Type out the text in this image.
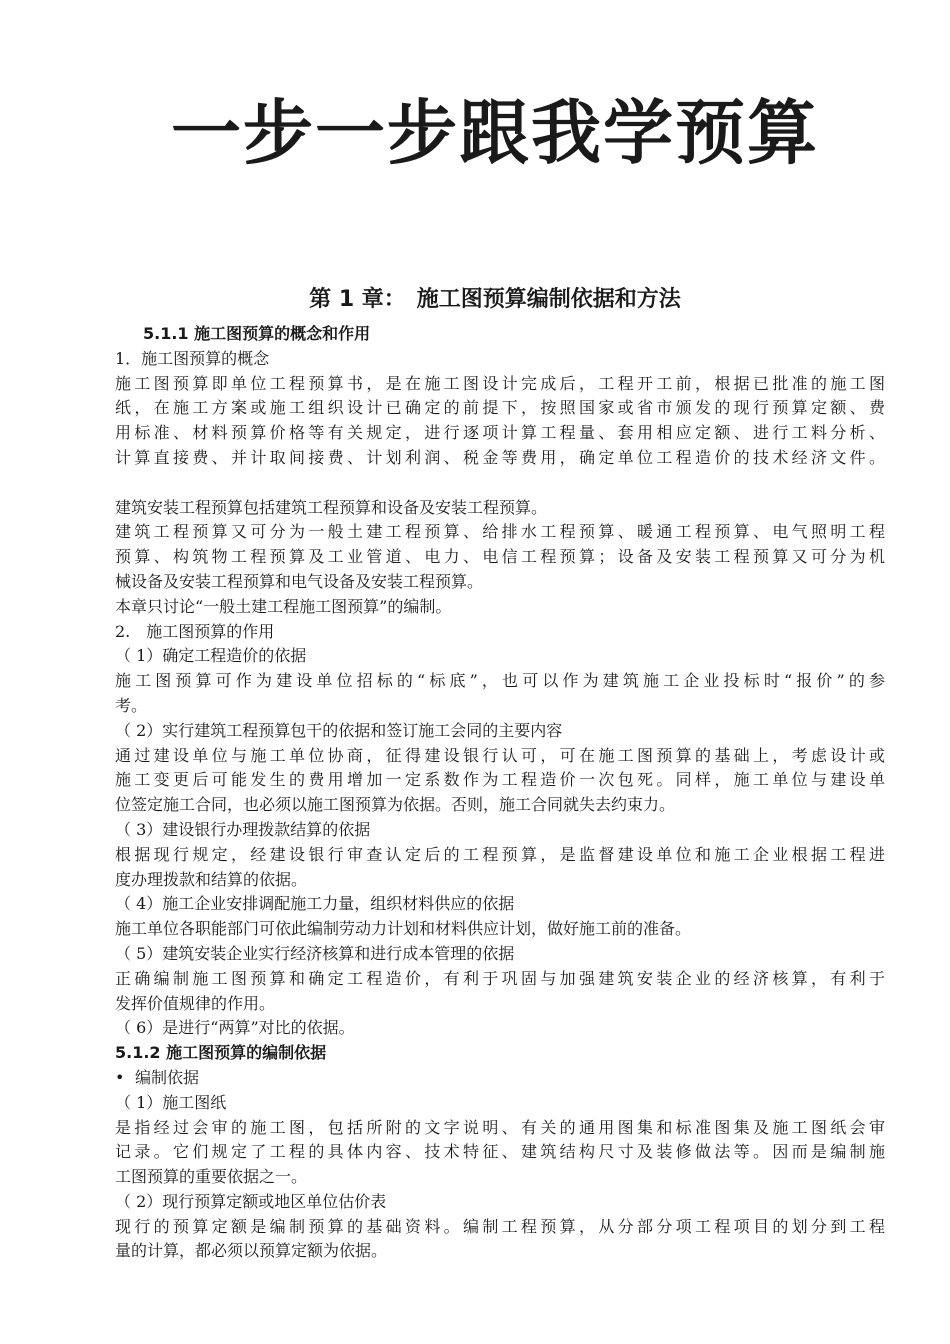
一步一步跟我学预算
第 1 章：　施工图预算编制依据和方法
5.1.1 施工图预算的概念和作用
1．施工图预算的概念
施工图预算即单位工程预算书，是在施工图设计完成后，工程开工前，根据已批准的施工图
纸，在施工方案或施工组织设计已确定的前提下，按照国家或省市颁发的现行预算定额、费
用标准、材料预算价格等有关规定，进行逐项计算工程量、套用相应定额、进行工料分析、
计算直接费、并计取间接费、计划利润、税金等费用，确定单位工程造价的技术经济文件。
建筑安装工程预算包括建筑工程预算和设备及安装工程预算。
建筑工程预算又可分为一般土建工程预算、给排水工程预算、暖通工程预算、电气照明工程
预算、构筑物工程预算及工业管道、电力、电信工程预算；设备及安装工程预算又可分为机
械设备及安装工程预算和电气设备及安装工程预算。
本章只讨论“一般土建工程施工图预算”的编制。
2.　施工图预算的作用
（ 1）确定工程造价的依据
施工图预算可作为建设单位招标的“标底”，也可以作为建筑施工企业投标时“报价”的参
考。
（ 2）实行建筑工程预算包干的依据和签订施工会同的主要内容
通过建设单位与施工单位协商，征得建设银行认可，可在施工图预算的基础上，考虑设计或
施工变更后可能发生的费用增加一定系数作为工程造价一次包死。同样，施工单位与建设单
位签定施工合同，也必须以施工图预算为依据。否则，施工合同就失去约束力。
（ 3）建设银行办理拨款结算的依据
根据现行规定，经建设银行审查认定后的工程预算，是监督建设单位和施工企业根据工程进
度办理拨款和结算的依据。
（ 4）施工企业安排调配施工力量，组织材料供应的依据
施工单位各职能部门可依此编制劳动力计划和材料供应计划，做好施工前的准备。
（ 5）建筑安装企业实行经济核算和进行成本管理的依据
正确编制施工图预算和确定工程造价，有利于巩固与加强建筑安装企业的经济核算，有利于
发挥价值规律的作用。
（ 6）是进行“两算”对比的依据。
5.1.2 施工图预算的编制依据
• 编制依据
（ 1）施工图纸
是指经过会审的施工图，包括所附的文字说明、有关的通用图集和标准图集及施工图纸会审
记录。它们规定了工程的具体内容、技术特征、建筑结构尺寸及装修做法等。因而是编制施
工图预算的重要依据之一。
（ 2）现行预算定额或地区单位估价表
现行的预算定额是编制预算的基础资料。编制工程预算，从分部分项工程项目的划分到工程
量的计算，都必须以预算定额为依据。
